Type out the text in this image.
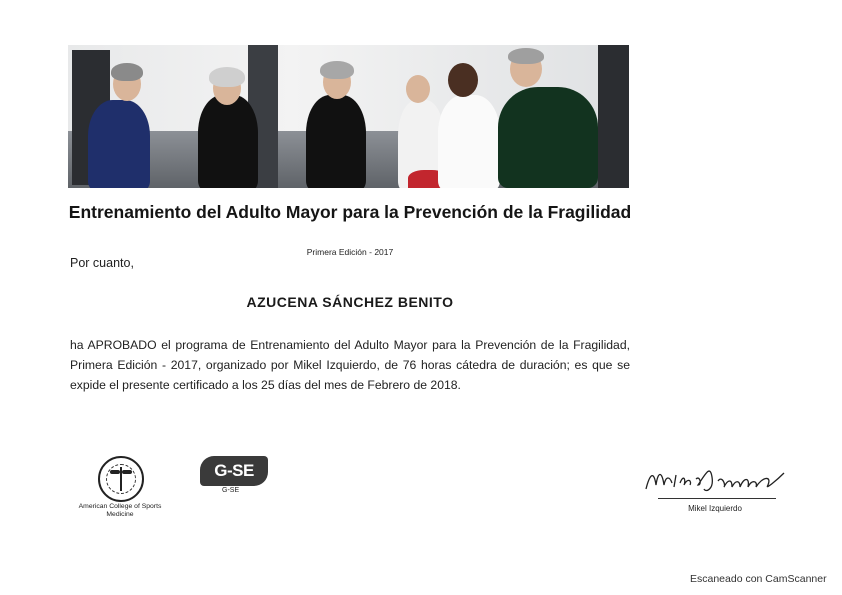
Entrenamiento del Adulto Mayor para la Prevención de la Fragilidad
Primera Edición - 2017
Por cuanto,
AZUCENA SÁNCHEZ BENITO
ha APROBADO el programa de Entrenamiento del Adulto Mayor para la Prevención de la Fragilidad, Primera Edición - 2017, organizado por Mikel Izquierdo, de 76 horas cátedra de duración; es que se expide el presente certificado a los 25 días del mes de Febrero de 2018.
American College of Sports Medicine
G-SE
G-SE
Mikel Izquierdo
Escaneado con CamScanner
